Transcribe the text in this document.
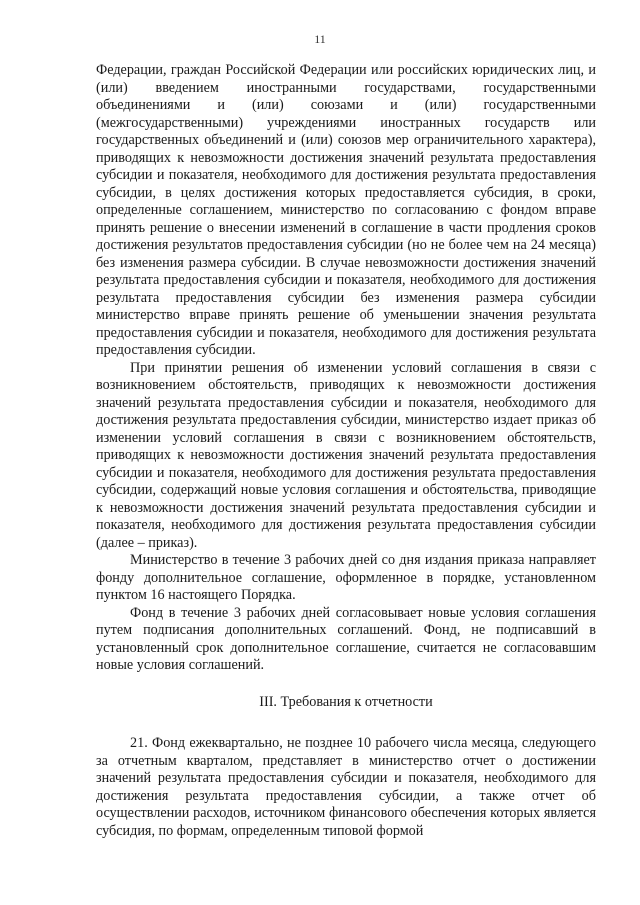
11

Федерации, граждан Российской Федерации или российских юридических лиц, и (или) введением иностранными государствами, государственными объединениями и (или) союзами и (или) государственными (межгосударственными) учреждениями иностранных государств или государственных объединений и (или) союзов мер ограничительного характера), приводящих к невозможности достижения значений результата предоставления субсидии и показателя, необходимого для достижения результата предоставления субсидии, в целях достижения которых предоставляется субсидия, в сроки, определенные соглашением, министерство по согласованию с фондом вправе принять решение о внесении изменений в соглашение в части продления сроков достижения результатов предоставления субсидии (но не более чем на 24 месяца) без изменения размера субсидии. В случае невозможности достижения значений результата предоставления субсидии и показателя, необходимого для достижения результата предоставления субсидии без изменения размера субсидии министерство вправе принять решение об уменьшении значения результата предоставления субсидии и показателя, необходимого для достижения результата предоставления субсидии.

При принятии решения об изменении условий соглашения в связи с возникновением обстоятельств, приводящих к невозможности достижения значений результата предоставления субсидии и показателя, необходимого для достижения результата предоставления субсидии, министерство издает приказ об изменении условий соглашения в связи с возникновением обстоятельств, приводящих к невозможности достижения значений результата предоставления субсидии и показателя, необходимого для достижения результата предоставления субсидии, содержащий новые условия соглашения и обстоятельства, приводящие к невозможности достижения значений результата предоставления субсидии и показателя, необходимого для достижения результата предоставления субсидии (далее – приказ).

Министерство в течение 3 рабочих дней со дня издания приказа направляет фонду дополнительное соглашение, оформленное в порядке, установленном пунктом 16 настоящего Порядка.

Фонд в течение 3 рабочих дней согласовывает новые условия соглашения путем подписания дополнительных соглашений. Фонд, не подписавший в установленный срок дополнительное соглашение, считается не согласовавшим новые условия соглашений.

III. Требования к отчетности

21. Фонд ежеквартально, не позднее 10 рабочего числа месяца, следующего за отчетным кварталом, представляет в министерство отчет о достижении значений результата предоставления субсидии и показателя, необходимого для достижения результата предоставления субсидии, а также отчет об осуществлении расходов, источником финансового обеспечения которых является субсидия, по формам, определенным типовой формой
